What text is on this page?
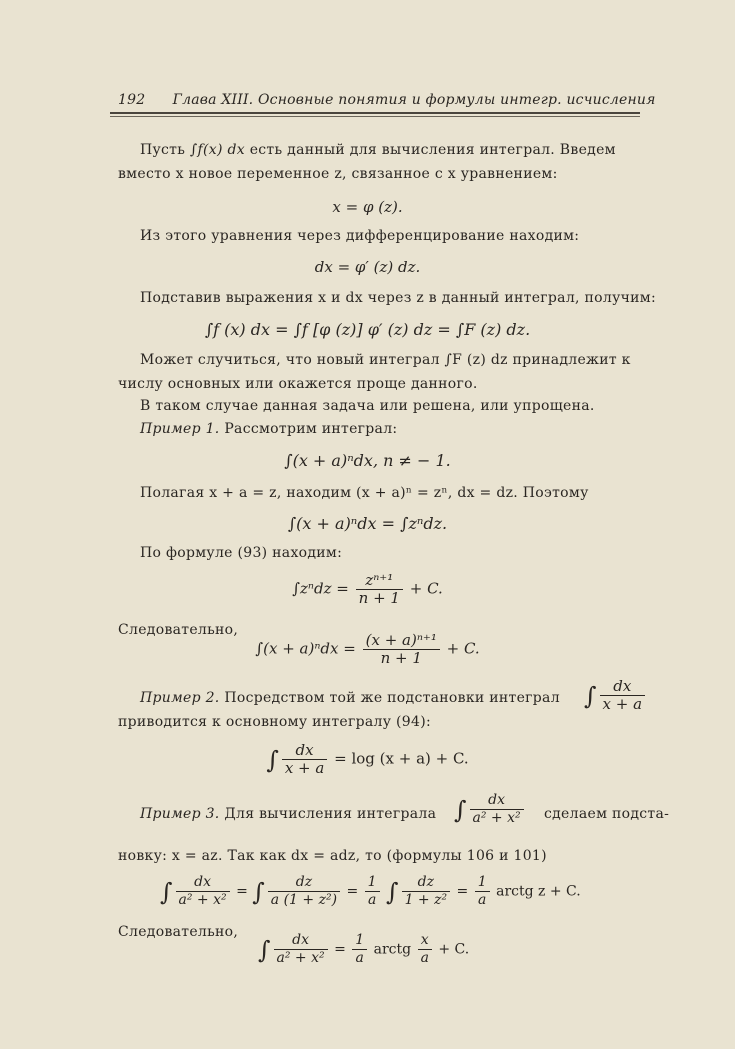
192 Глава XIII. Основные понятия и формулы интегр. исчисления
Пусть ∫f(x) dx есть данный для вычисления интеграл. Введем
вместо x новое переменное z, связанное с x уравнением:
x = φ (z).
Из этого уравнения через дифференцирование находим:
dx = φ′ (z) dz.
Подставив выражения x и dx через z в данный интеграл, получим:
∫f (x) dx = ∫f [φ (z)] φ′ (z) dz = ∫F (z) dz.
Может случиться, что новый интеграл ∫F (z) dz принадлежит к
числу основных или окажется проще данного.
В таком случае данная задача или решена, или упрощена.
Пример 1. Рассмотрим интеграл:
∫(x + a)ⁿdx, n ≠ − 1.
Полагая x + a = z, находим (x + a)ⁿ = zⁿ, dx = dz. Поэтому
∫(x + a)ⁿdx = ∫zⁿdz.
По формуле (93) находим:
$\int z^ndz = \frac{\text{zⁿ⁺¹}}{n + 1} + C$.
Следовательно,
$\int(x + a)^ndx = \frac{\text{(x + a)ⁿ⁺¹}}{n + 1} + C$.
Пример 2. Посредством той же подстановки интеграл ∫ $\frac{dx}{x + a}$
приводится к основному интегралу (94):
∫ $\frac{dx}{x + a} = \log (x + a) + C$.
Пример 3. Для вычисления интеграла ∫ $\frac{dx}{\text{a² + x²}}$ сделаем подста-
новку: x = az. Так как dx = adz, то (формулы 106 и 101)
∫ $\frac{dx}{\text{a² + x²}}$ = ∫ $\frac{dz}{\text{a (1 + z²)}} = \frac{1}{a}$ ∫ $\frac{dz}{\text{1 + z²}} = \frac{1}{a}$ arctg z + C.
Следовательно,
∫ $\frac{dx}{\text{a² + x²}} = \frac{1}{a}$ arctg $\frac{x}{a} + C$.
